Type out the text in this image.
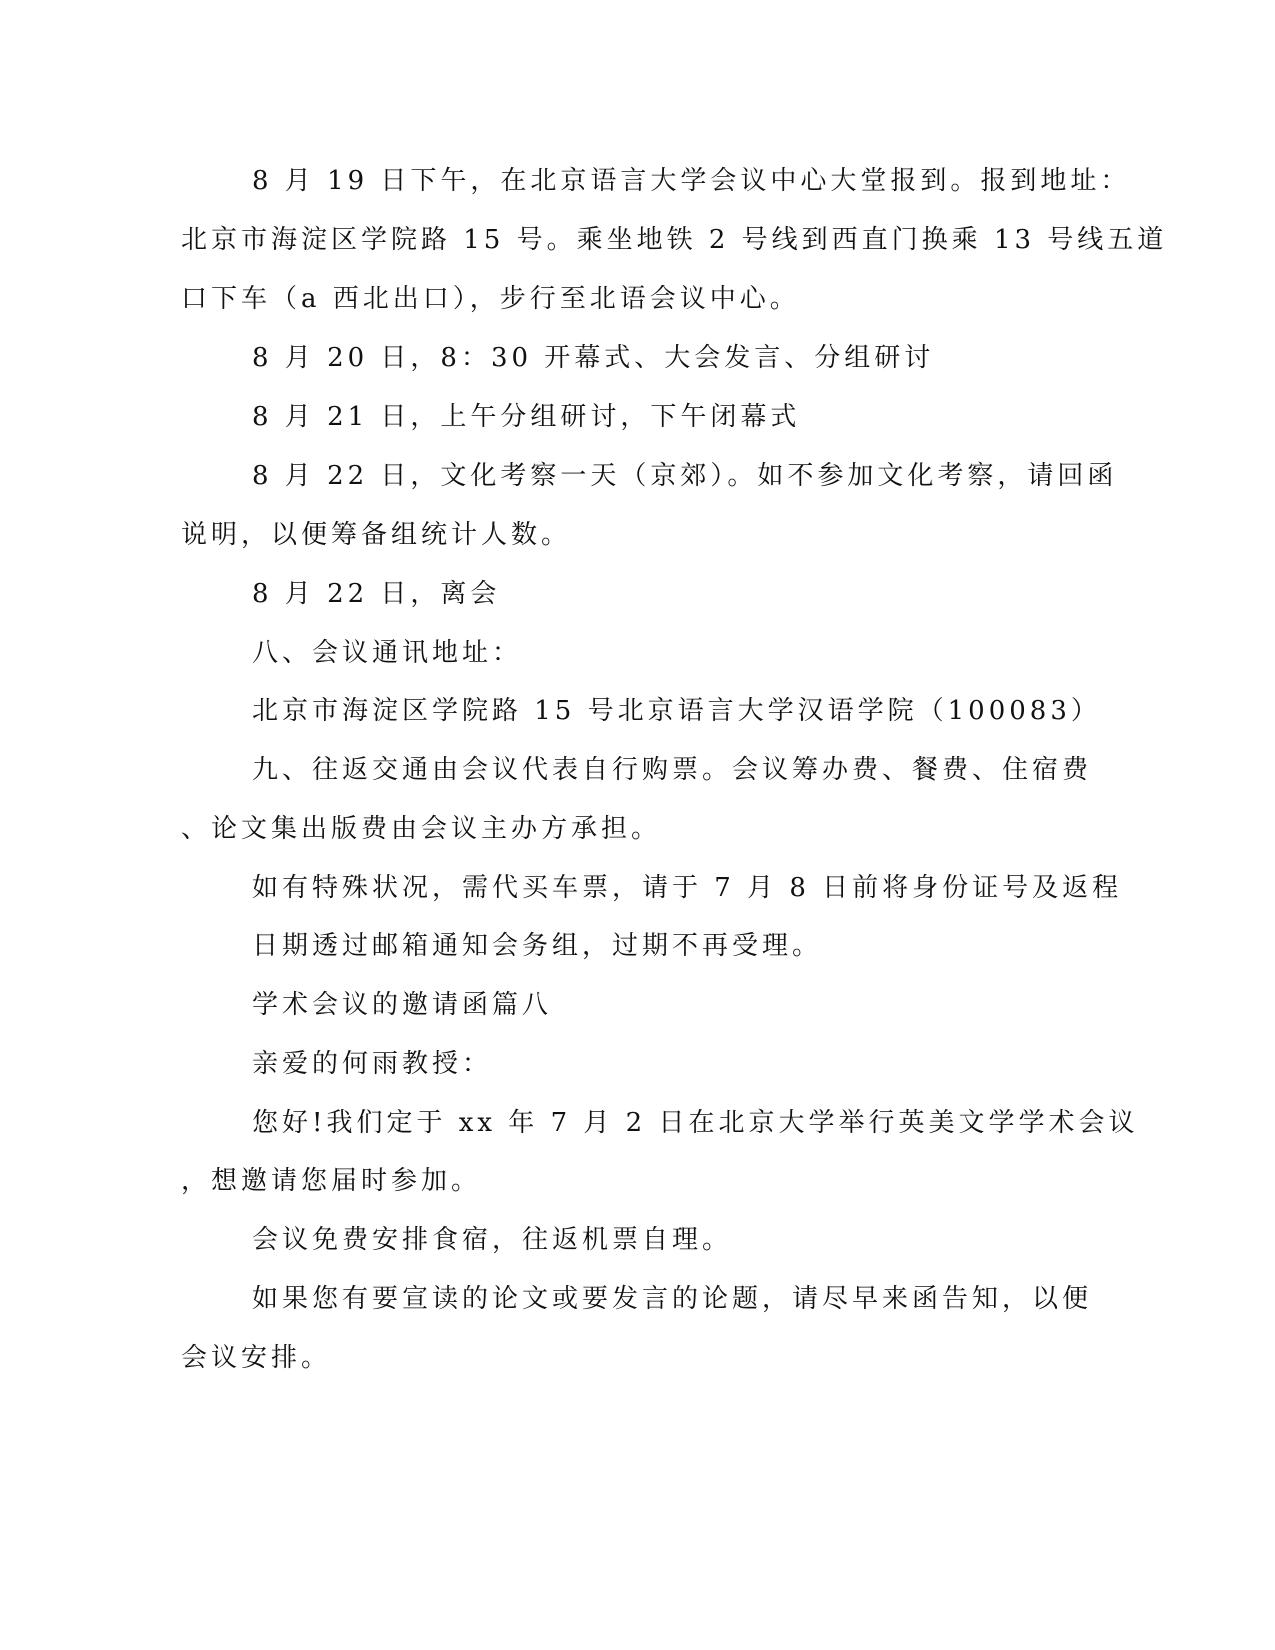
8 月 19 日下午，在北京语言大学会议中心大堂报到。报到地址：
北京市海淀区学院路 15 号。乘坐地铁 2 号线到西直门换乘 13 号线五道
口下车（a 西北出口），步行至北语会议中心。
8 月 20 日，8：30 开幕式、大会发言、分组研讨
8 月 21 日，上午分组研讨，下午闭幕式
8 月 22 日，文化考察一天（京郊）。如不参加文化考察，请回函
说明，以便筹备组统计人数。
8 月 22 日，离会
八、会议通讯地址：
北京市海淀区学院路 15 号北京语言大学汉语学院（100083）
九、往返交通由会议代表自行购票。会议筹办费、餐费、住宿费
、论文集出版费由会议主办方承担。
如有特殊状况，需代买车票，请于 7 月 8 日前将身份证号及返程
日期透过邮箱通知会务组，过期不再受理。
学术会议的邀请函篇八
亲爱的何雨教授：
您好!我们定于 xx 年 7 月 2 日在北京大学举行英美文学学术会议
，想邀请您届时参加。
会议免费安排食宿，往返机票自理。
如果您有要宣读的论文或要发言的论题，请尽早来函告知，以便
会议安排。
